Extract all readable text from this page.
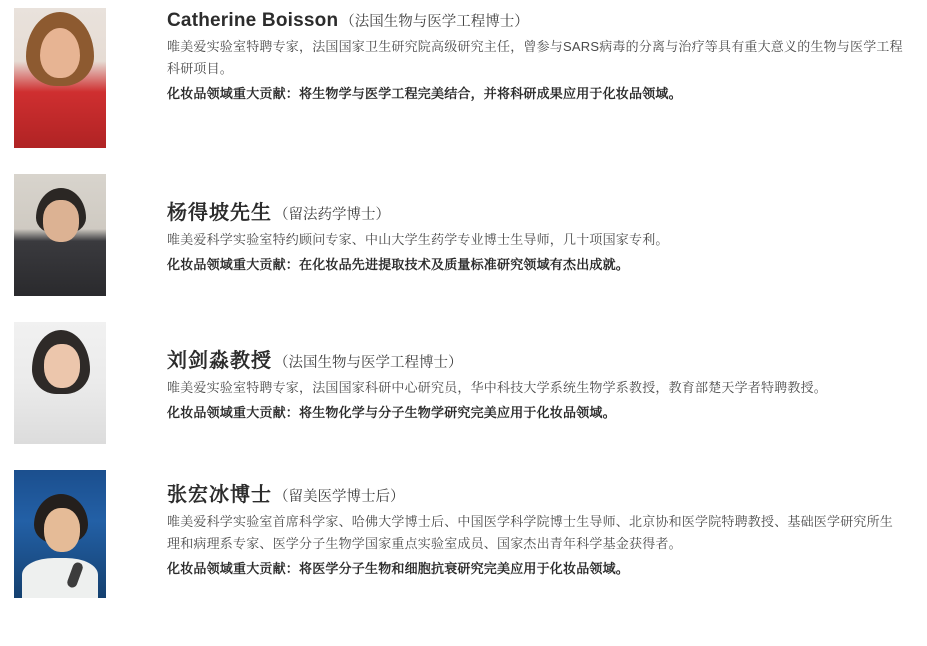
Catherine Boisson （法国生物与医学工程博士）

唯美爱实验室特聘专家，法国国家卫生研究院高级研究主任，曾参与SARS病毒的分离与治疗等具有重大意义的生物与医学工程科研项目。

化妆品领域重大贡献：将生物学与医学工程完美结合，并将科研成果应用于化妆品领域。
杨得坡先生 （留法药学博士）

唯美爱科学实验室特约顾问专家、中山大学生药学专业博士生导师，几十项国家专利。

化妆品领域重大贡献：在化妆品先进提取技术及质量标准研究领域有杰出成就。
刘剑淼教授 （法国生物与医学工程博士）

唯美爱实验室特聘专家，法国国家科研中心研究员，华中科技大学系统生物学系教授，教育部楚天学者特聘教授。

化妆品领域重大贡献：将生物化学与分子生物学研究完美应用于化妆品领域。
张宏冰博士 （留美医学博士后）

唯美爱科学实验室首席科学家、哈佛大学博士后、中国医学科学院博士生导师、北京协和医学院特聘教授、基础医学研究所生理和病理系专家、医学分子生物学国家重点实验室成员、国家杰出青年科学基金获得者。

化妆品领域重大贡献：将医学分子生物和细胞抗衰研究完美应用于化妆品领域。
